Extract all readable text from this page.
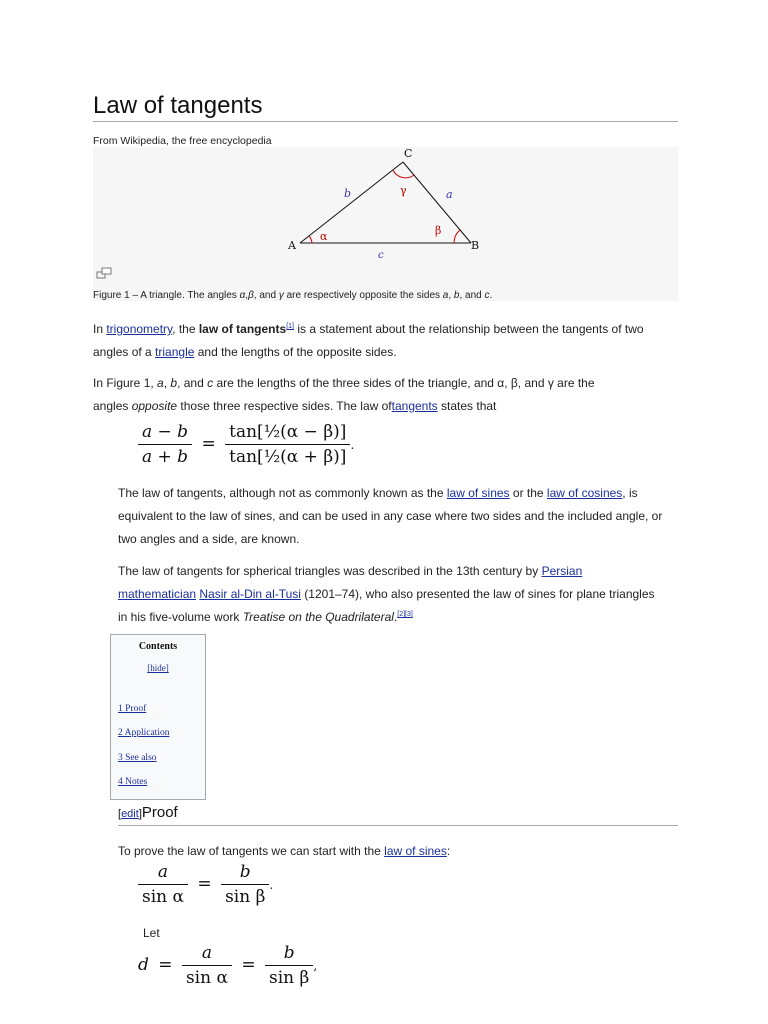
Law of tangents
From Wikipedia, the free encyclopedia
A	B
C
b	a
c
α	β
γ
Figure 1 – A triangle. The angles α,β, and γ are respectively opposite the sides a, b, and c.
In trigonometry, the law of tangents[1] is a statement about the relationship between the tangents of two
angles of a triangle and the lengths of the opposite sides.
In Figure 1, a, b, and c are the lengths of the three sides of the triangle, and α, β, and γ are the
angles opposite those three respective sides. The law oftangents states that
$\frac{a - b}{a + b} = \frac{\text{tan[½(α − β)]}}{\text{tan[½(α + β)]}}$ .
The law of tangents, although not as commonly known as the law of sines or the law of cosines, is
equivalent to the law of sines, and can be used in any case where two sides and the included angle, or
two angles and a side, are known.
The law of tangents for spherical triangles was described in the 13th century by Persian
mathematician Nasir al-Din al-Tusi (1201–74), who also presented the law of sines for plane triangles
in his five-volume work Treatise on the Quadrilateral.[2][3]
Contents
[hide]
1 Proof
2 Application
3 See also
4 Notes
[edit]Proof
To prove the law of tangents we can start with the law of sines:
$\frac{a}{\text{sin α}} = \frac{b}{\text{sin β}}$ .
Let
$d = \frac{a}{\text{sin α}} = \frac{b}{\text{sin β}}$ ,
